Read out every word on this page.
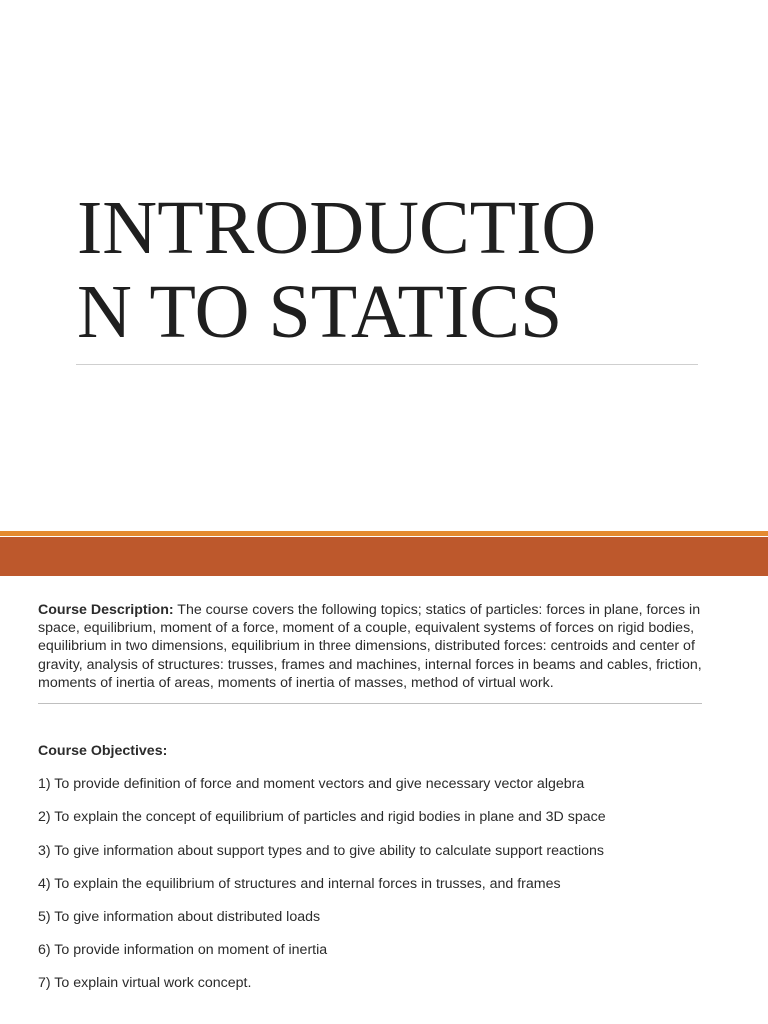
INTRODUCTIO
N TO STATICS

Course Description: The course covers the following topics; statics of particles: forces in plane, forces in space, equilibrium, moment of a force, moment of a couple, equivalent systems of forces on rigid bodies, equilibrium in two dimensions, equilibrium in three dimensions, distributed forces: centroids and center of gravity, analysis of structures: trusses, frames and machines, internal forces in beams and cables, friction, moments of inertia of areas, moments of inertia of masses, method of virtual work.

Course Objectives:
1) To provide definition of force and moment vectors and give necessary vector algebra
2) To explain the concept of equilibrium of particles and rigid bodies in plane and 3D space
3) To give information about support types and to give ability to calculate support reactions
4) To explain the equilibrium of structures and internal forces in trusses, and frames
5) To give information about distributed loads
6) To provide information on moment of inertia
7) To explain virtual work concept.
